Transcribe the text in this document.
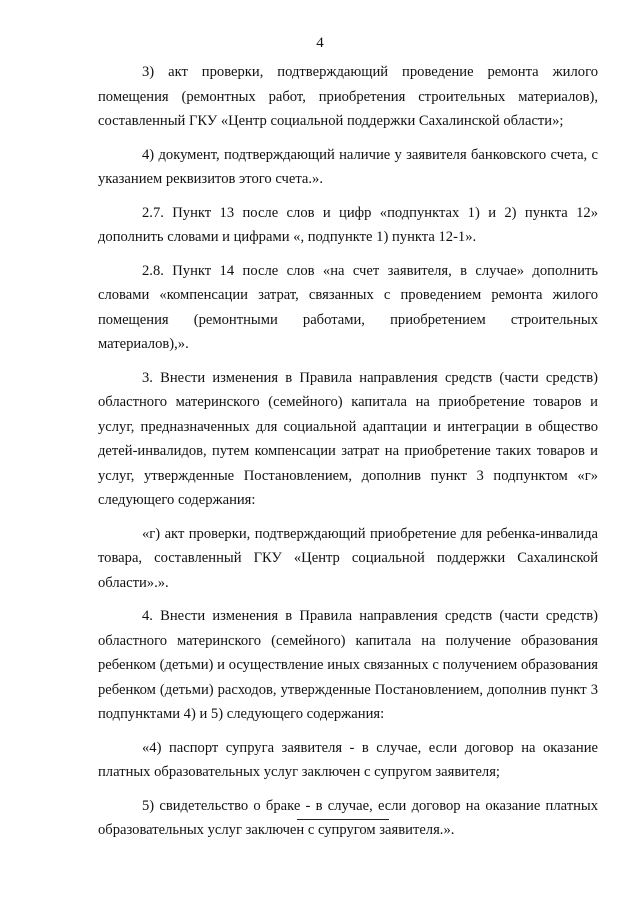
4

3) акт проверки, подтверждающий проведение ремонта жилого помещения (ремонтных работ, приобретения строительных материалов), составленный ГКУ «Центр социальной поддержки Сахалинской области»;

4) документ, подтверждающий наличие у заявителя банковского счета, с указанием реквизитов этого счета.».

2.7. Пункт 13 после слов и цифр «подпунктах 1) и 2) пункта 12» дополнить словами и цифрами «, подпункте 1) пункта 12-1».

2.8. Пункт 14 после слов «на счет заявителя, в случае» дополнить словами «компенсации затрат, связанных с проведением ремонта жилого помещения (ремонтными работами, приобретением строительных материалов),».

3. Внести изменения в Правила направления средств (части средств) областного материнского (семейного) капитала на приобретение товаров и услуг, предназначенных для социальной адаптации и интеграции в общество детей-инвалидов, путем компенсации затрат на приобретение таких товаров и услуг, утвержденные Постановлением, дополнив пункт 3 подпунктом «г» следующего содержания:

«г) акт проверки, подтверждающий приобретение для ребенка-инвалида товара, составленный ГКУ «Центр социальной поддержки Сахалинской области».».

4. Внести изменения в Правила направления средств (части средств) областного материнского (семейного) капитала на получение образования ребенком (детьми) и осуществление иных связанных с получением образования ребенком (детьми) расходов, утвержденные Постановлением, дополнив пункт 3 подпунктами 4) и 5) следующего содержания:

«4) паспорт супруга заявителя - в случае, если договор на оказание платных образовательных услуг заключен с супругом заявителя;

5) свидетельство о браке - в случае, если договор на оказание платных образовательных услуг заключен с супругом заявителя.».
